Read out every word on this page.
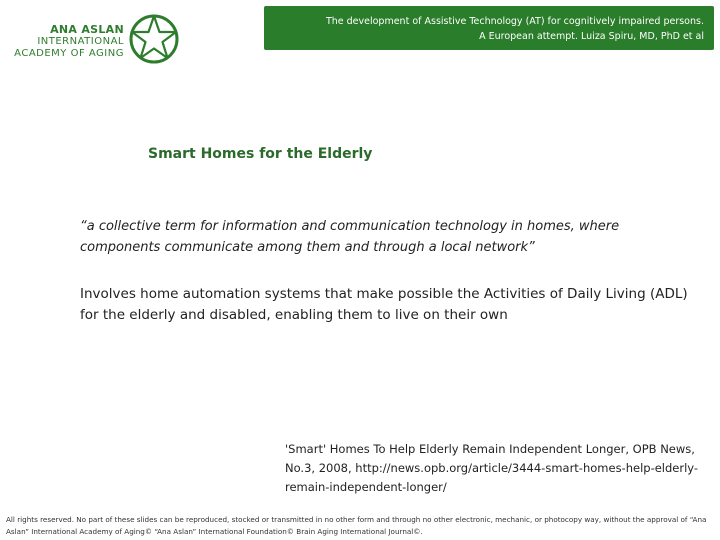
ANA ASLAN
INTERNATIONAL
ACADEMY OF AGING
The development of Assistive Technology (AT) for cognitively impaired persons.
A European attempt. Luiza Spiru, MD, PhD et al
Smart Homes for the Elderly
“a collective term for information and communication technology in homes, where components communicate among them and through a local network”
Involves home automation systems that make possible the Activities of Daily Living (ADL) for the elderly and disabled, enabling them to live on their own
'Smart' Homes To Help Elderly Remain Independent Longer, OPB News, No.3, 2008, http://news.opb.org/article/3444-smart-homes-help-elderly-remain-independent-longer/
All rights reserved. No part of these slides can be reproduced, stocked or transmitted in no other form and through no other electronic, mechanic, or photocopy way, without the approval of “Ana Aslan” International Academy of Aging© “Ana Aslan” International Foundation© Brain Aging International Journal©.
